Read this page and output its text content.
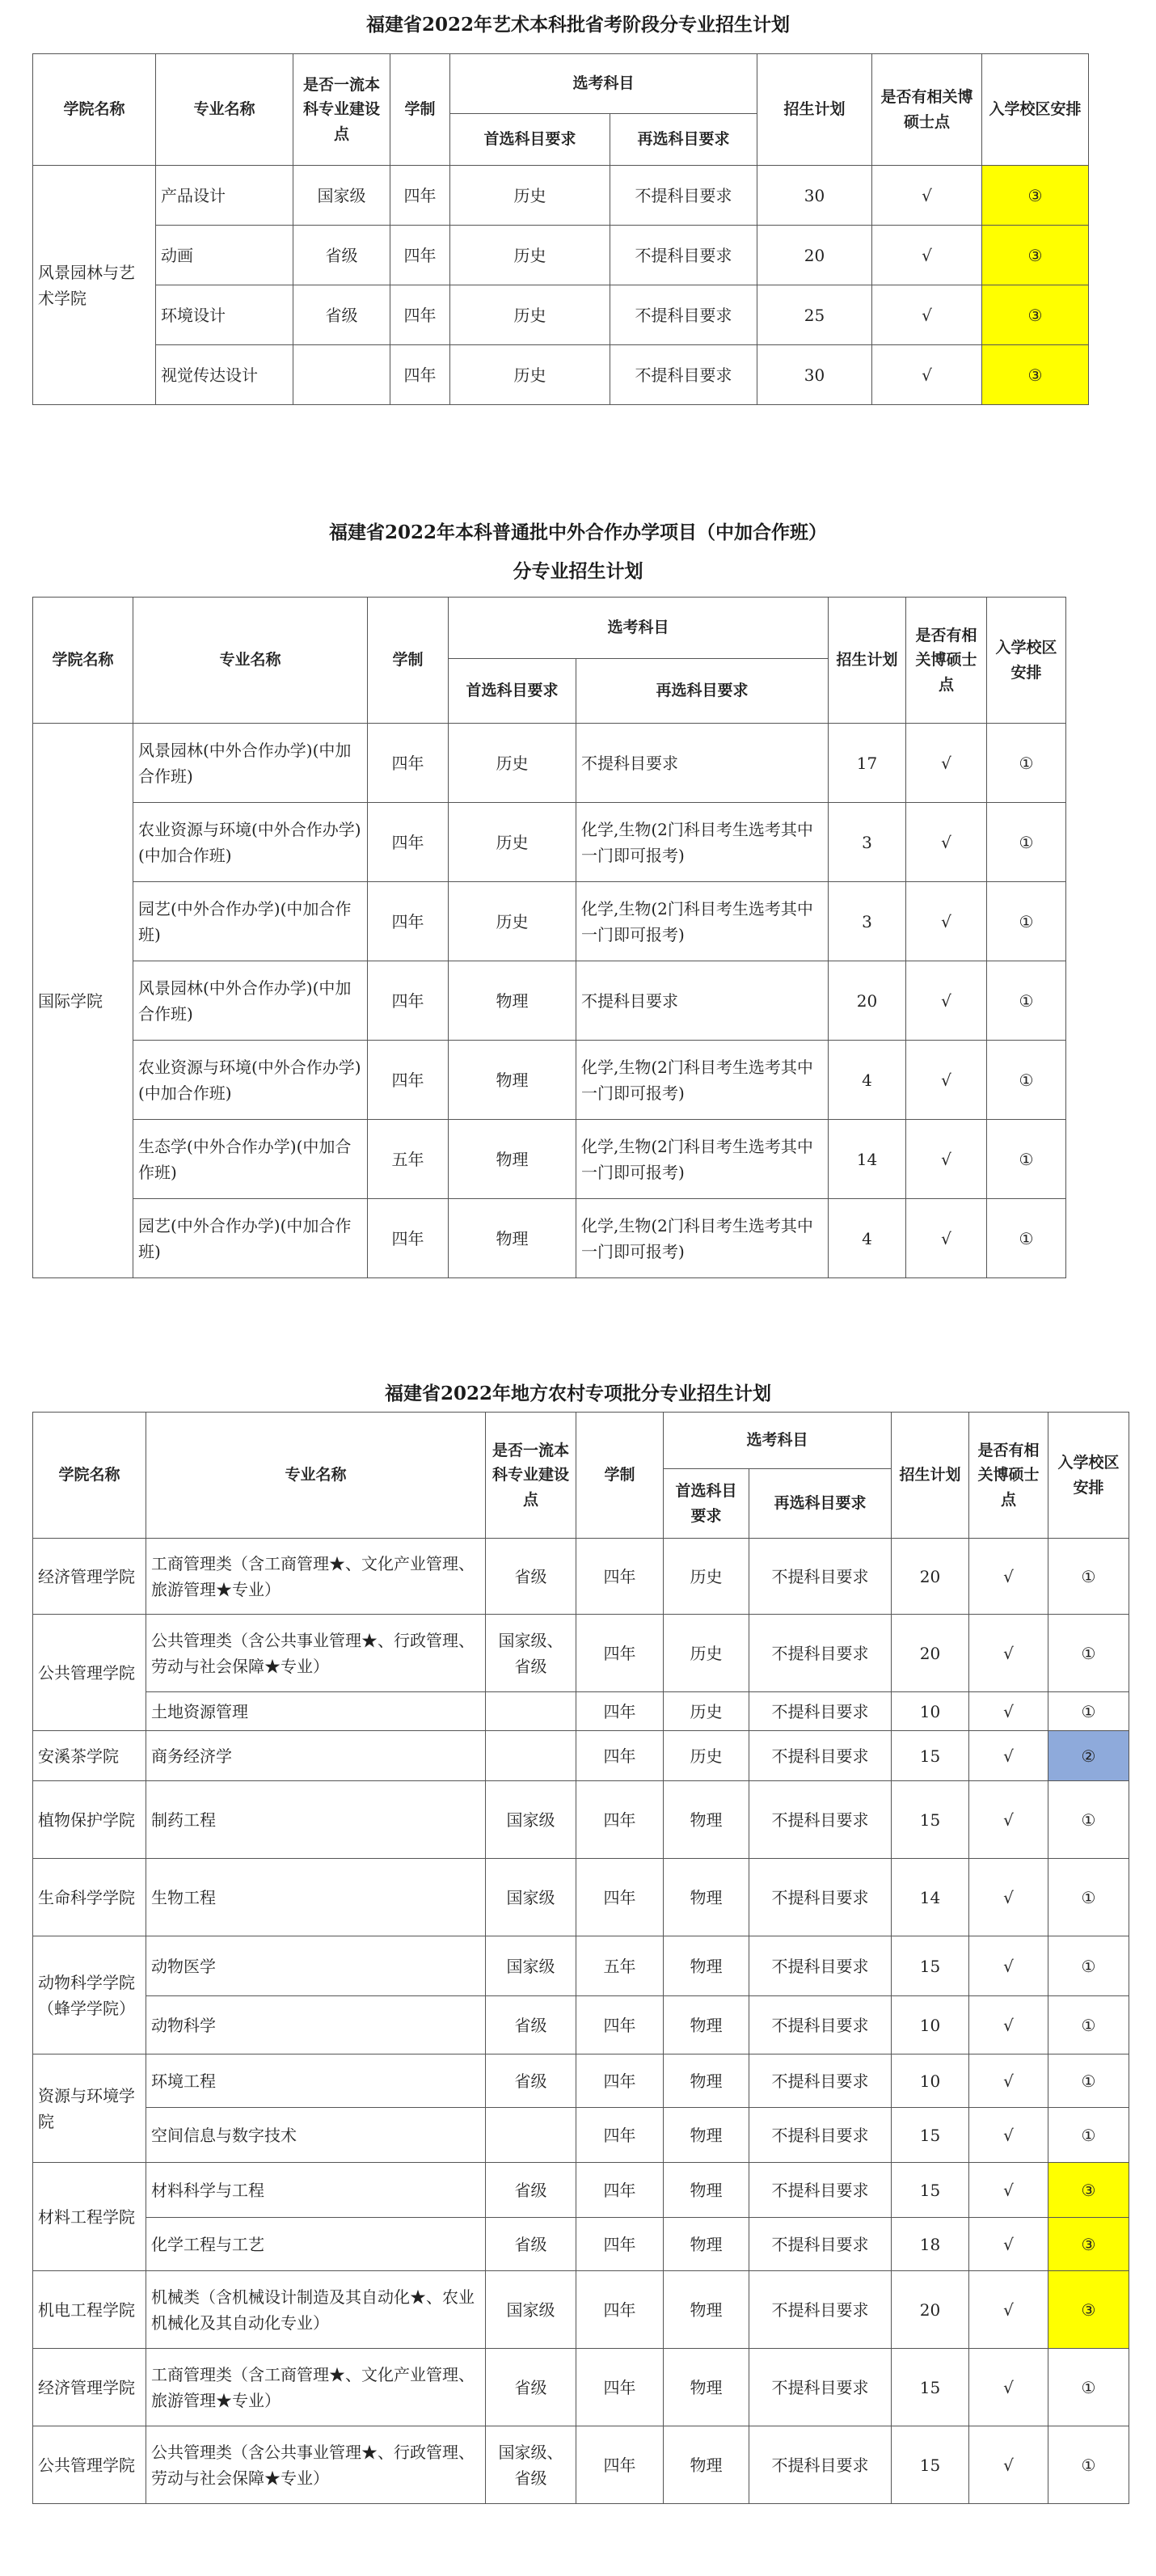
福建省2022年艺术本科批省考阶段分专业招生计划
学院名称	专业名称	是否一流本科专业建设点	学制	选考科目		招生计划	是否有相关博硕士点	入学校区安排
				首选科目要求	再选科目要求			
风景园林与艺术学院	产品设计	国家级	四年	历史	不提科目要求	30	√	③
	动画	省级	四年	历史	不提科目要求	20	√	③
	环境设计	省级	四年	历史	不提科目要求	25	√	③
	视觉传达设计		四年	历史	不提科目要求	30	√	③
福建省2022年本科普通批中外合作办学项目（中加合作班）
分专业招生计划
学院名称	专业名称	学制	选考科目		招生计划	是否有相关博硕士点	入学校区安排
			首选科目要求	再选科目要求			
国际学院	风景园林(中外合作办学)(中加合作班)	四年	历史	不提科目要求	17	√	①
	农业资源与环境(中外合作办学)(中加合作班)	四年	历史	化学,生物(2门科目考生选考其中一门即可报考)	3	√	①
	园艺(中外合作办学)(中加合作班)	四年	历史	化学,生物(2门科目考生选考其中一门即可报考)	3	√	①
	风景园林(中外合作办学)(中加合作班)	四年	物理	不提科目要求	20	√	①
	农业资源与环境(中外合作办学)(中加合作班)	四年	物理	化学,生物(2门科目考生选考其中一门即可报考)	4	√	①
	生态学(中外合作办学)(中加合作班)	五年	物理	化学,生物(2门科目考生选考其中一门即可报考)	14	√	①
	园艺(中外合作办学)(中加合作班)	四年	物理	化学,生物(2门科目考生选考其中一门即可报考)	4	√	①
福建省2022年地方农村专项批分专业招生计划
学院名称	专业名称	是否一流本科专业建设点	学制	选考科目		招生计划	是否有相关博硕士点	入学校区安排
				首选科目要求	再选科目要求			
经济管理学院	工商管理类（含工商管理★、文化产业管理、旅游管理★专业）	省级	四年	历史	不提科目要求	20	√	①
公共管理学院	公共管理类（含公共事业管理★、行政管理、劳动与社会保障★专业）	国家级、省级	四年	历史	不提科目要求	20	√	①
	土地资源管理		四年	历史	不提科目要求	10	√	①
安溪茶学院	商务经济学		四年	历史	不提科目要求	15	√	②
植物保护学院	制药工程	国家级	四年	物理	不提科目要求	15	√	①
生命科学学院	生物工程	国家级	四年	物理	不提科目要求	14	√	①
动物科学学院（蜂学学院）	动物医学	国家级	五年	物理	不提科目要求	15	√	①
	动物科学	省级	四年	物理	不提科目要求	10	√	①
资源与环境学院	环境工程	省级	四年	物理	不提科目要求	10	√	①
	空间信息与数字技术		四年	物理	不提科目要求	15	√	①
材料工程学院	材料科学与工程	省级	四年	物理	不提科目要求	15	√	③
	化学工程与工艺	省级	四年	物理	不提科目要求	18	√	③
机电工程学院	机械类（含机械设计制造及其自动化★、农业机械化及其自动化专业）	国家级	四年	物理	不提科目要求	20	√	③
经济管理学院	工商管理类（含工商管理★、文化产业管理、旅游管理★专业）	省级	四年	物理	不提科目要求	15	√	①
公共管理学院	公共管理类（含公共事业管理★、行政管理、劳动与社会保障★专业）	国家级、省级	四年	物理	不提科目要求	15	√	①
